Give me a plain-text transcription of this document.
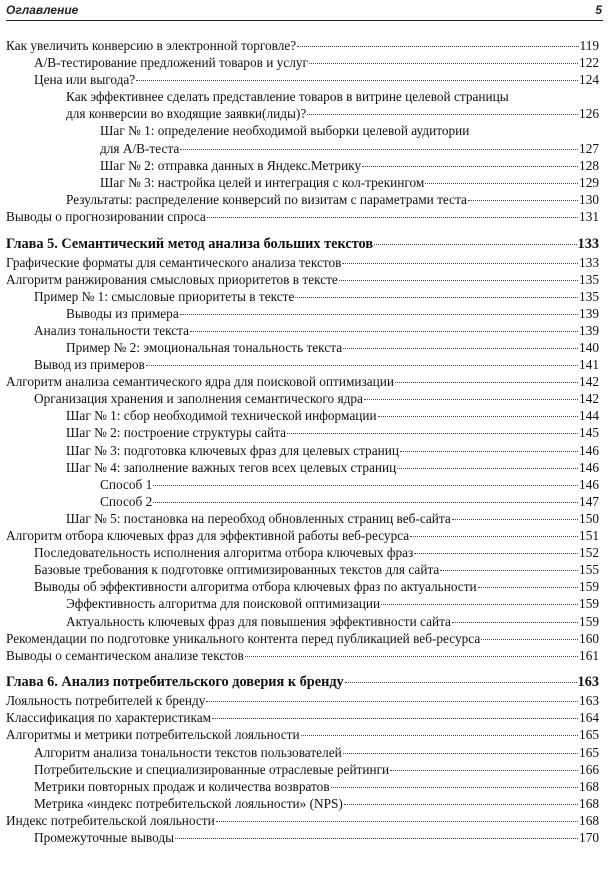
Оглавление	5
Как увеличить конверсию в электронной торговле?	119
A/B-тестирование предложений товаров и услуг	122
Цена или выгода?	124
Как эффективнее сделать представление товаров в витрине целевой страницы
для конверсии во входящие заявки(лиды)?	126
Шаг № 1: определение необходимой выборки целевой аудитории
для A/B-теста	127
Шаг № 2: отправка данных в Яндекс.Метрику	128
Шаг № 3: настройка целей и интеграция с кол-трекингом	129
Результаты: распределение конверсий по визитам с параметрами теста	130
Выводы о прогнозировании спроса	131
Глава 5. Семантический метод анализа больших текстов	133
Графические форматы для семантического анализа текстов	133
Алгоритм ранжирования смысловых приоритетов в тексте	135
Пример № 1: смысловые приоритеты в тексте	135
Выводы из примера	139
Анализ тональности текста	139
Пример № 2: эмоциональная тональность текста	140
Вывод из примеров	141
Алгоритм анализа семантического ядра для поисковой оптимизации	142
Организация хранения и заполнения семантического ядра	142
Шаг № 1: сбор необходимой технической информации	144
Шаг № 2: построение структуры сайта	145
Шаг № 3: подготовка ключевых фраз для целевых страниц	146
Шаг № 4: заполнение важных тегов всех целевых страниц	146
Способ 1	146
Способ 2	147
Шаг № 5: постановка на переобход обновленных страниц веб-сайта	150
Алгоритм отбора ключевых фраз для эффективной работы веб-ресурса	151
Последовательность исполнения алгоритма отбора ключевых фраз	152
Базовые требования к подготовке оптимизированных текстов для сайта	155
Выводы об эффективности алгоритма отбора ключевых фраз по актуальности	159
Эффективность алгоритма для поисковой оптимизации	159
Актуальность ключевых фраз для повышения эффективности сайта	159
Рекомендации по подготовке уникального контента перед публикацией веб-ресурса	160
Выводы о семантическом анализе текстов	161
Глава 6. Анализ потребительского доверия к бренду	163
Лояльность потребителей к бренду	163
Классификация по характеристикам	164
Алгоритмы и метрики потребительской лояльности	165
Алгоритм анализа тональности текстов пользователей	165
Потребительские и специализированные отраслевые рейтинги	166
Метрики повторных продаж и количества возвратов	168
Метрика «индекс потребительской лояльности» (NPS)	168
Индекс потребительской лояльности	168
Промежуточные выводы	170
